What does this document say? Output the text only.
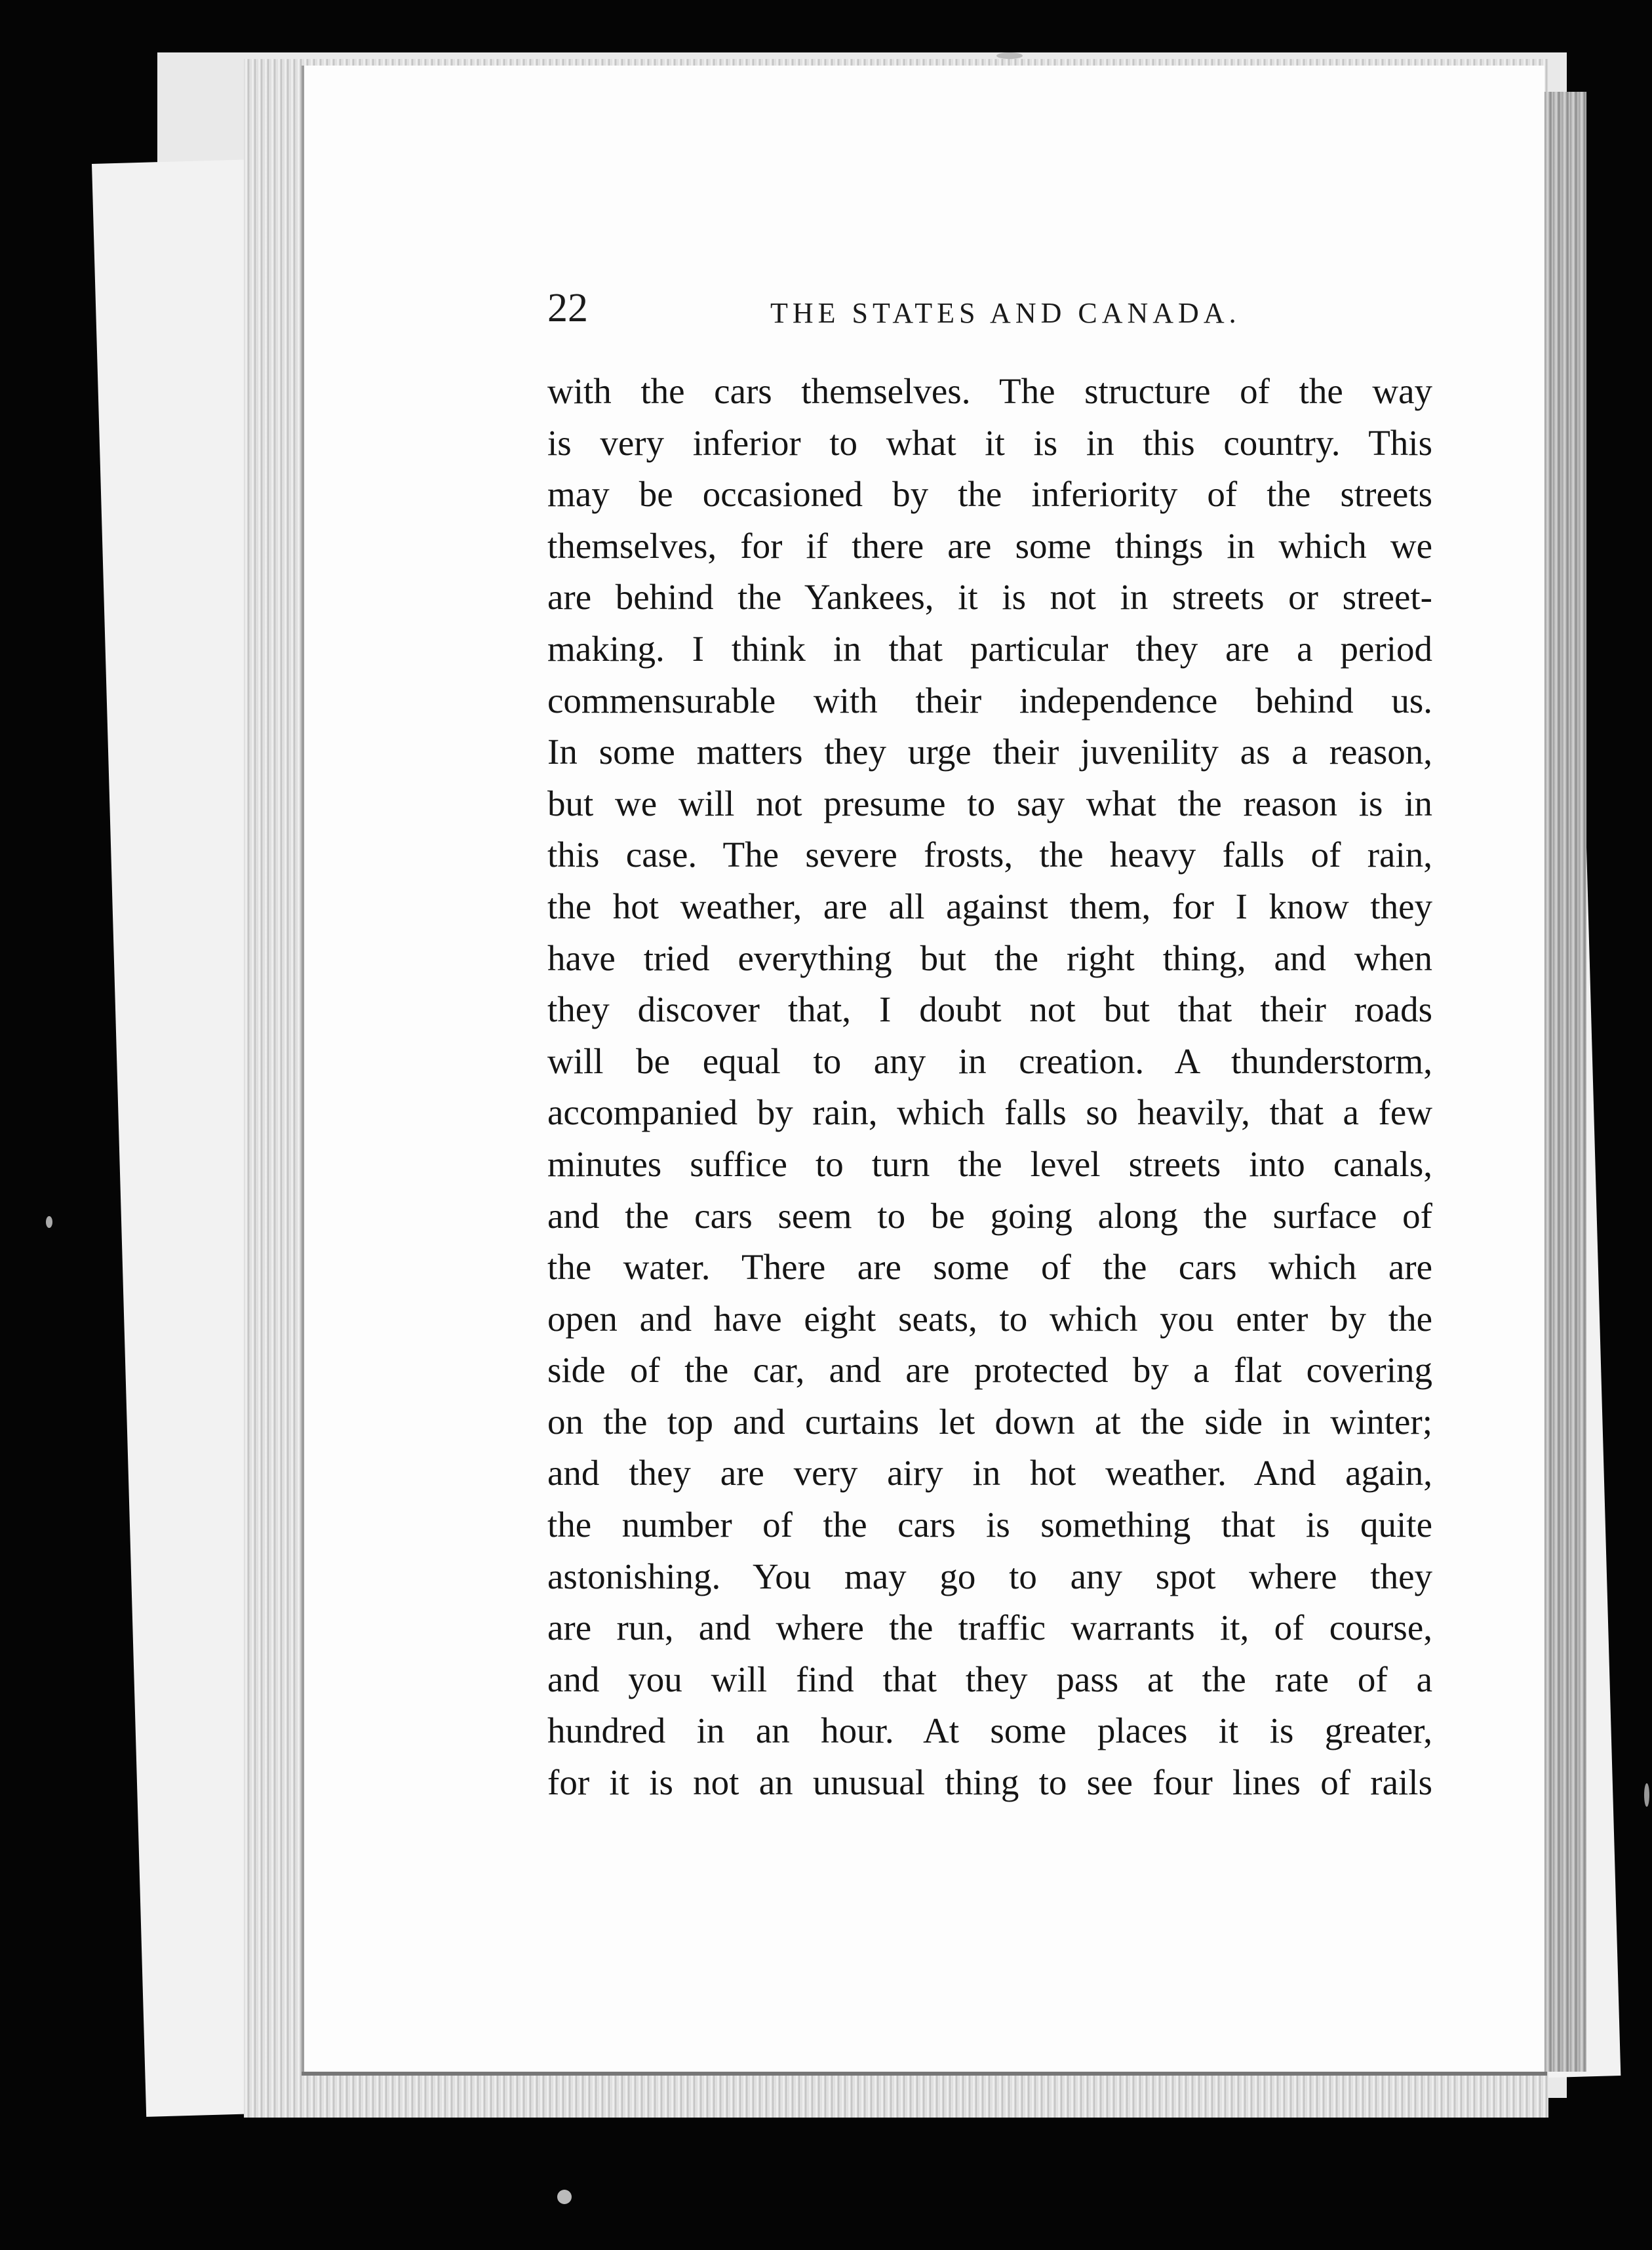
22	THE STATES AND CANADA.
with the cars themselves. The structure of the way
is very inferior to what it is in this country. This
may be occasioned by the inferiority of the streets
themselves, for if there are some things in which we
are behind the Yankees, it is not in streets or street-
making. I think in that particular they are a period
commensurable with their independence behind us.
In some matters they urge their juvenility as a reason,
but we will not presume to say what the reason is in
this case. The severe frosts, the heavy falls of rain,
the hot weather, are all against them, for I know they
have tried everything but the right thing, and when
they discover that, I doubt not but that their roads
will be equal to any in creation. A thunderstorm,
accompanied by rain, which falls so heavily, that a few
minutes suffice to turn the level streets into canals,
and the cars seem to be going along the surface of
the water. There are some of the cars which are
open and have eight seats, to which you enter by the
side of the car, and are protected by a flat covering
on the top and curtains let down at the side in winter;
and they are very airy in hot weather. And again,
the number of the cars is something that is quite
astonishing. You may go to any spot where they
are run, and where the traffic warrants it, of course,
and you will find that they pass at the rate of a
hundred in an hour. At some places it is greater,
for it is not an unusual thing to see four lines of rails
